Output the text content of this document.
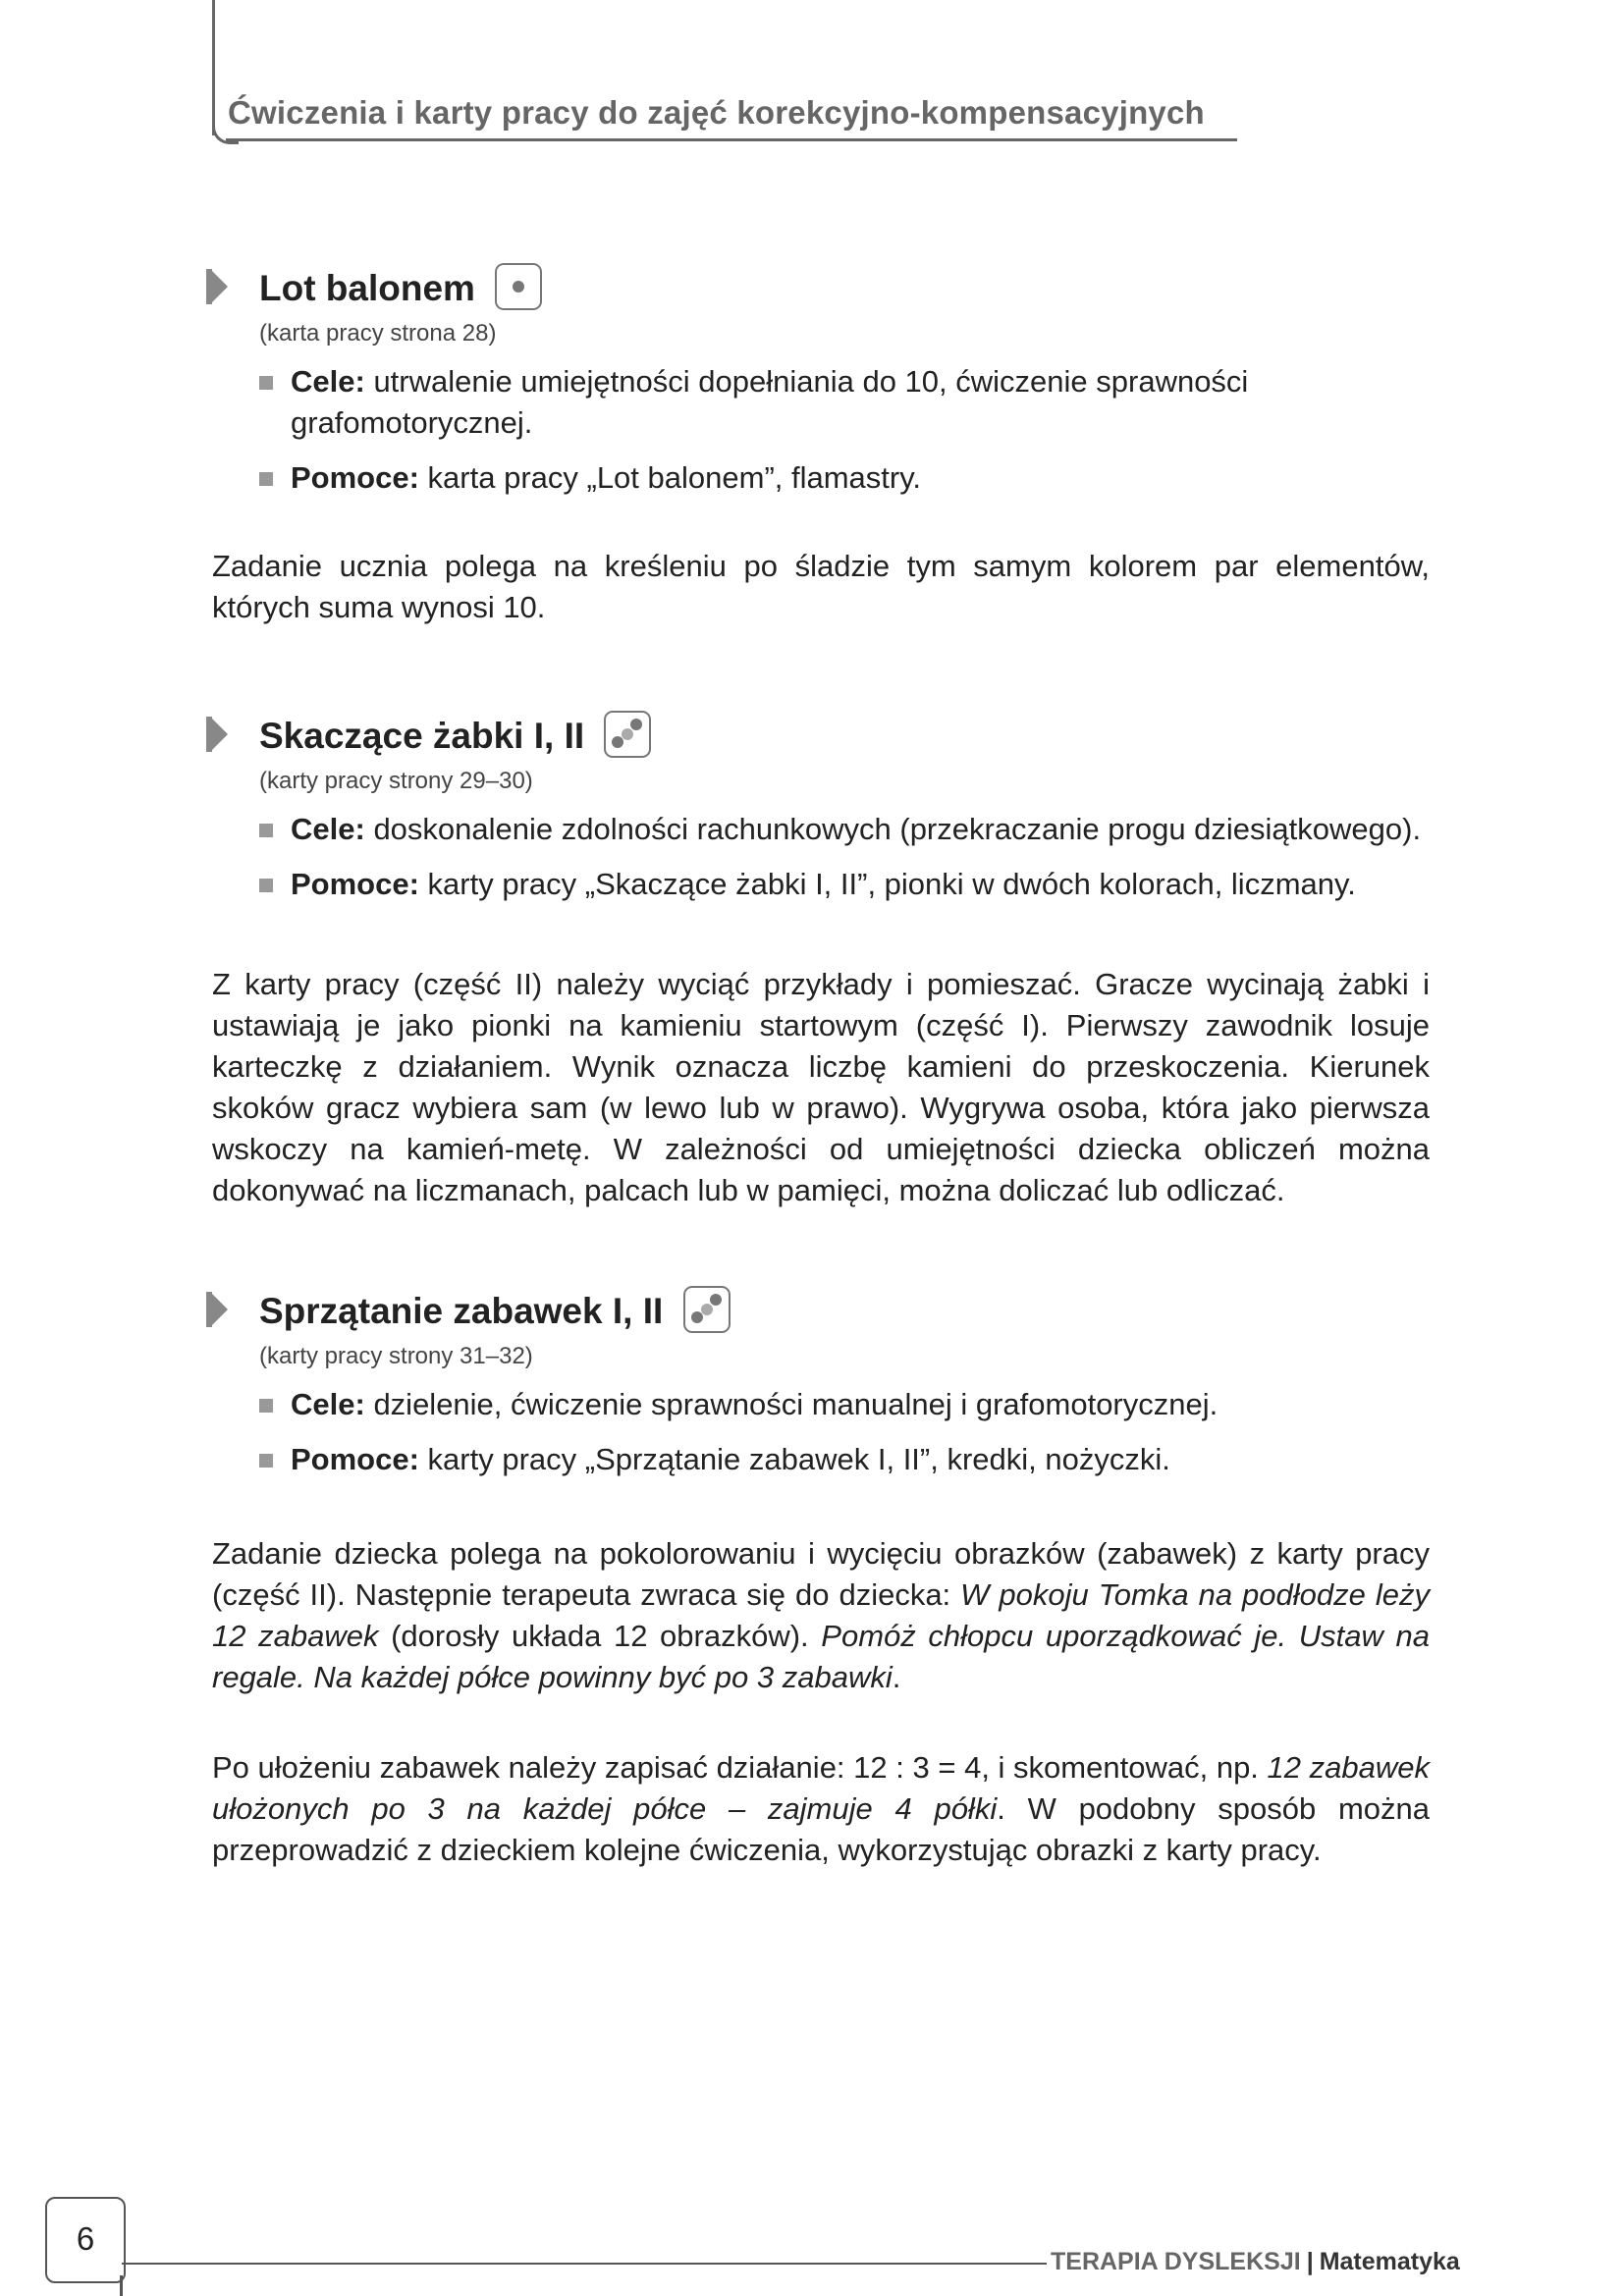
Ćwiczenia i karty pracy do zajęć korekcyjno-kompensacyjnych
Lot balonem
(karta pracy strona 28)
Cele: utrwalenie umiejętności dopełniania do 10, ćwiczenie sprawności grafomotorycznej.
Pomoce: karta pracy „Lot balonem”, flamastry.
Zadanie ucznia polega na kreśleniu po śladzie tym samym kolorem par elementów, których suma wynosi 10.
Skaczące żabki I, II
(karty pracy strony 29–30)
Cele: doskonalenie zdolności rachunkowych (przekraczanie progu dziesiątkowego).
Pomoce: karty pracy „Skaczące żabki I, II”, pionki w dwóch kolorach, liczmany.
Z karty pracy (część II) należy wyciąć przykłady i pomieszać. Gracze wycinają żabki i ustawiają je jako pionki na kamieniu startowym (część I). Pierwszy zawodnik losuje karteczkę z działaniem. Wynik oznacza liczbę kamieni do przeskoczenia. Kierunek skoków gracz wybiera sam (w lewo lub w prawo). Wygrywa osoba, która jako pierwsza wskoczy na kamień-metę. W zależności od umiejętności dziecka obliczeń można dokonywać na liczmanach, palcach lub w pamięci, można doliczać lub odliczać.
Sprzątanie zabawek I, II
(karty pracy strony 31–32)
Cele: dzielenie, ćwiczenie sprawności manualnej i grafomotorycznej.
Pomoce: karty pracy „Sprzątanie zabawek I, II”, kredki, nożyczki.
Zadanie dziecka polega na pokolorowaniu i wycięciu obrazków (zabawek) z karty pracy (część II). Następnie terapeuta zwraca się do dziecka: W pokoju Tomka na podłodze leży 12 zabawek (dorosły układa 12 obrazków). Pomóż chłopcu uporządkować je. Ustaw na regale. Na każdej półce powinny być po 3 zabawki.
Po ułożeniu zabawek należy zapisać działanie: 12 : 3 = 4, i skomentować, np. 12 zabawek ułożonych po 3 na każdej półce – zajmuje 4 półki. W podobny sposób można przeprowadzić z dzieckiem kolejne ćwiczenia, wykorzystując obrazki z karty pracy.
6
TERAPIA DYSLEKSJI | Matematyka
